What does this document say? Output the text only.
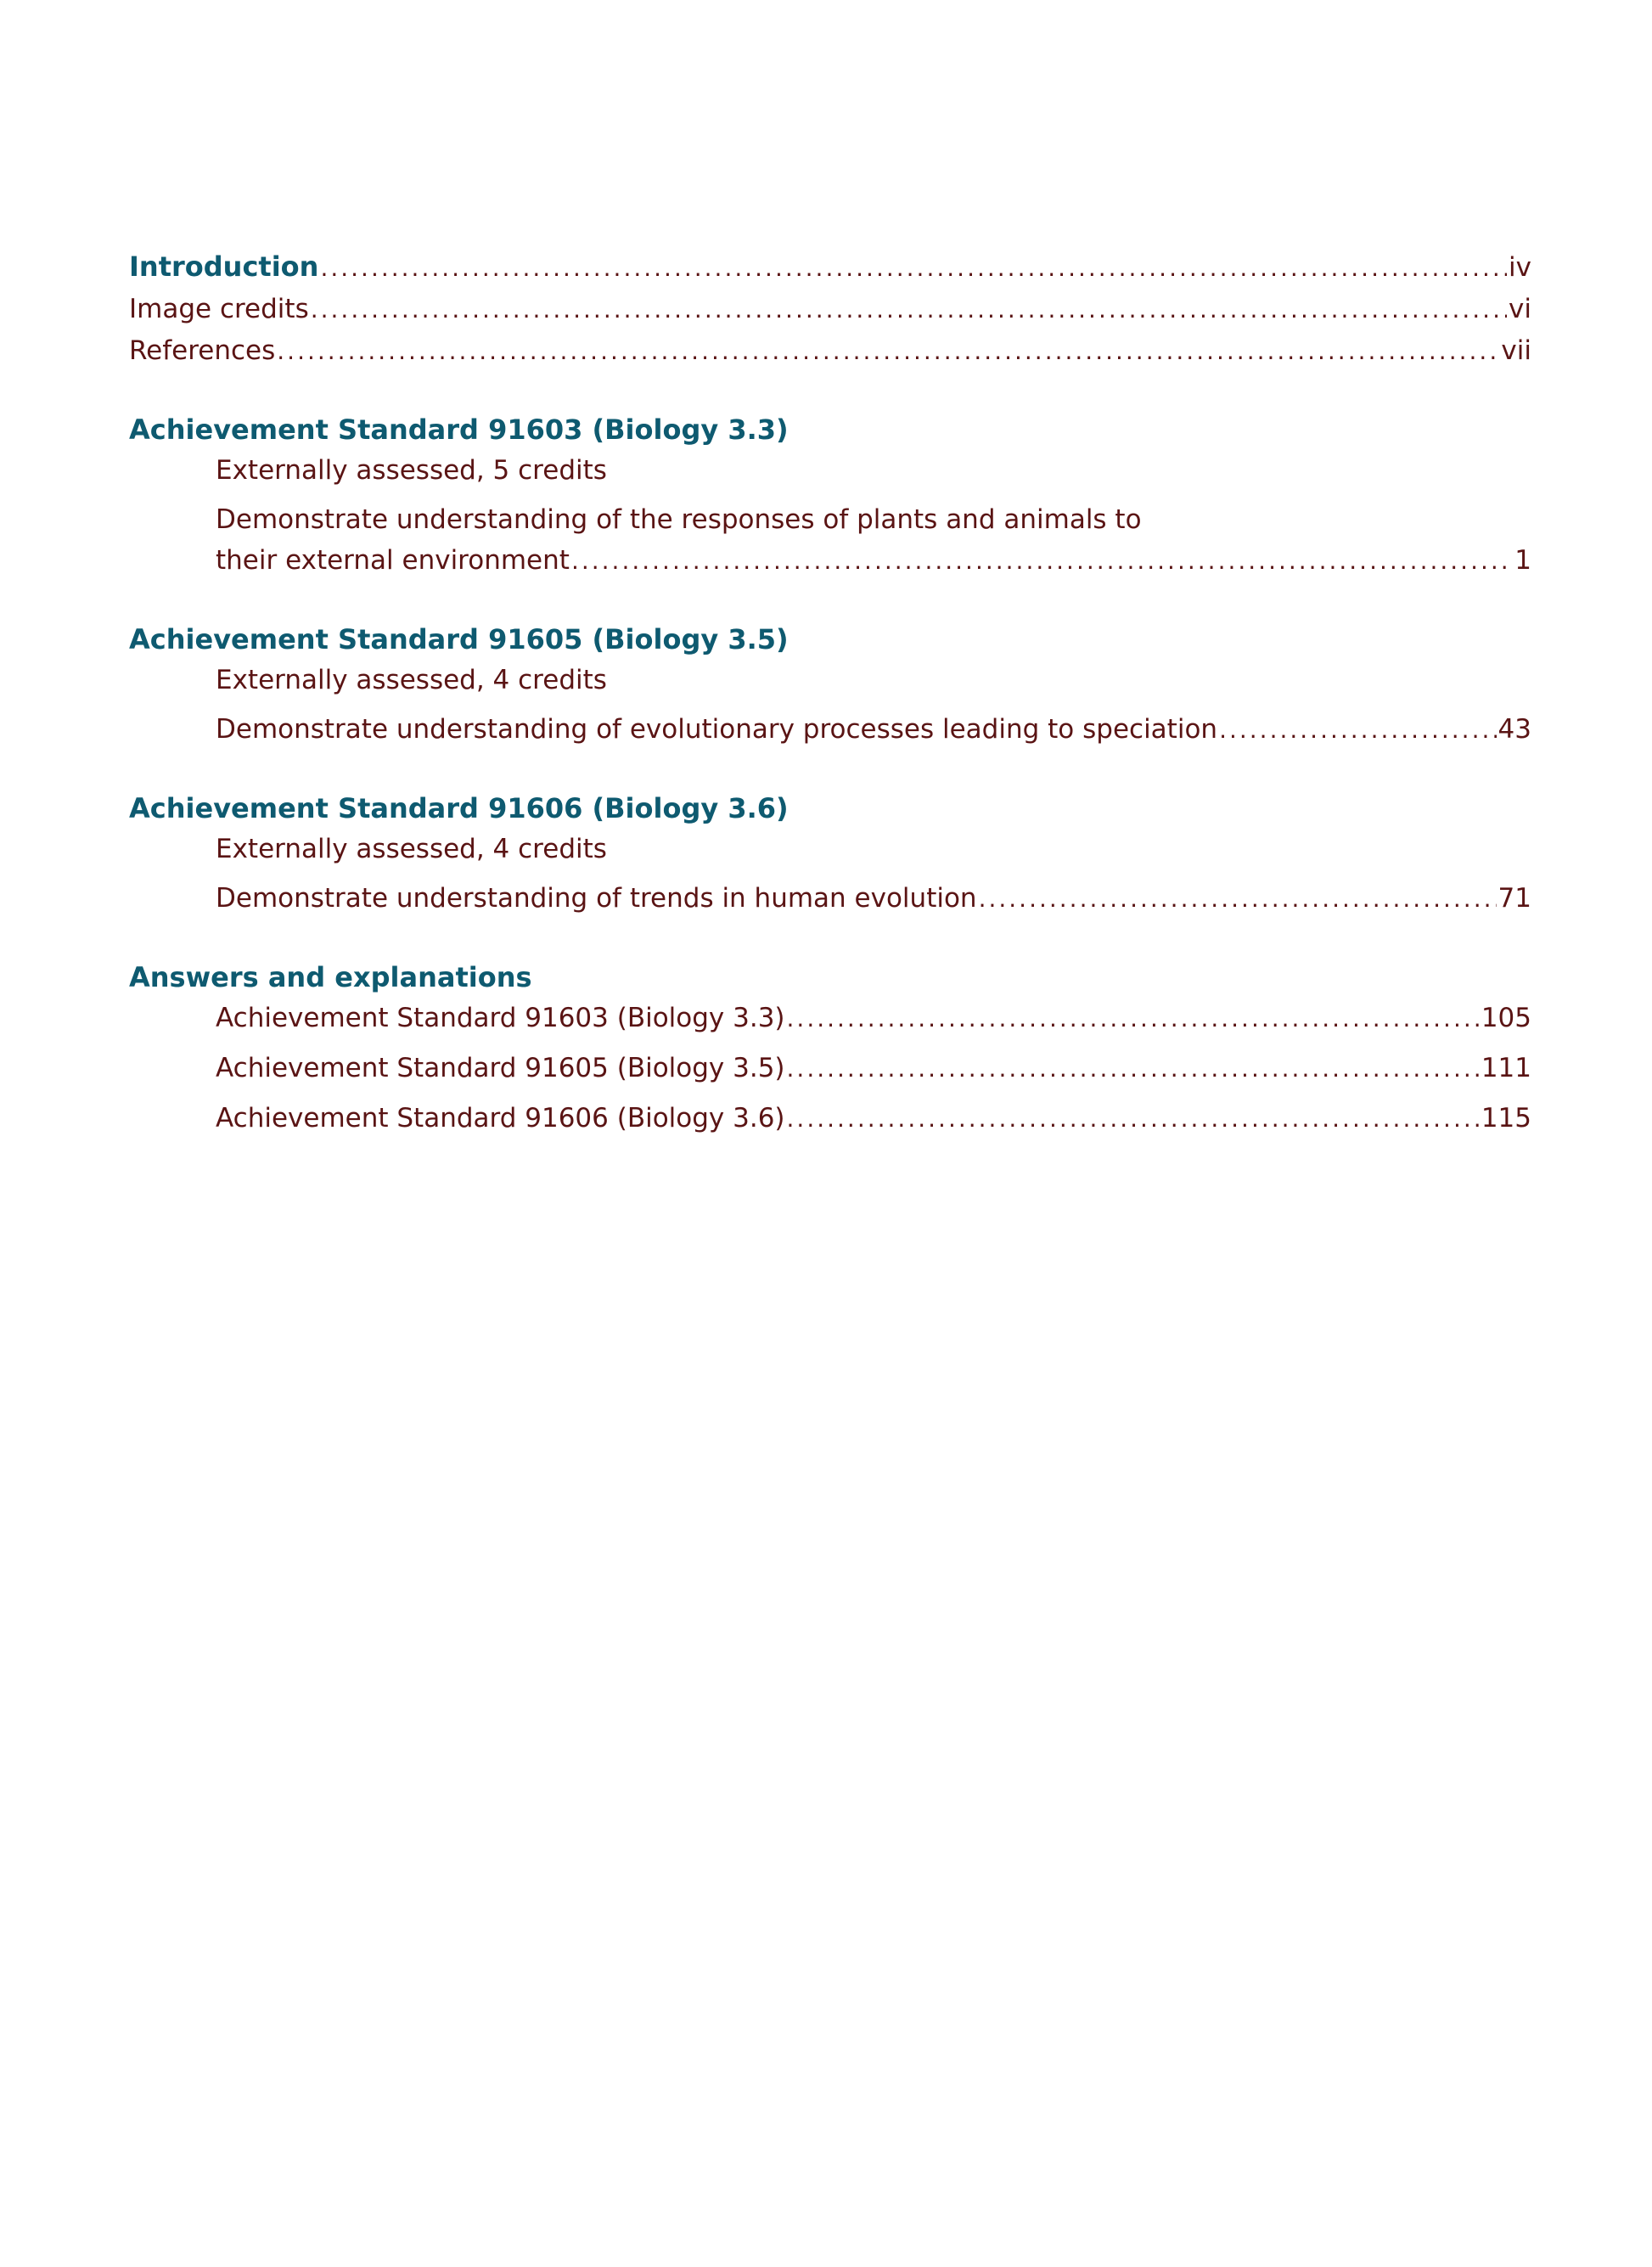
Introduction .....	iv
Image credits .....	vi
References .....	vii
Achievement Standard 91603 (Biology 3.3)
Externally assessed, 5 credits
Demonstrate understanding of the responses of plants and animals to
their external environment .....	1
Achievement Standard 91605 (Biology 3.5)
Externally assessed, 4 credits
Demonstrate understanding of evolutionary processes leading to speciation .....	43
Achievement Standard 91606 (Biology 3.6)
Externally assessed, 4 credits
Demonstrate understanding of trends in human evolution .....	71
Answers and explanations
Achievement Standard 91603 (Biology 3.3) .....	105
Achievement Standard 91605 (Biology 3.5) .....	111
Achievement Standard 91606 (Biology 3.6) .....	115
